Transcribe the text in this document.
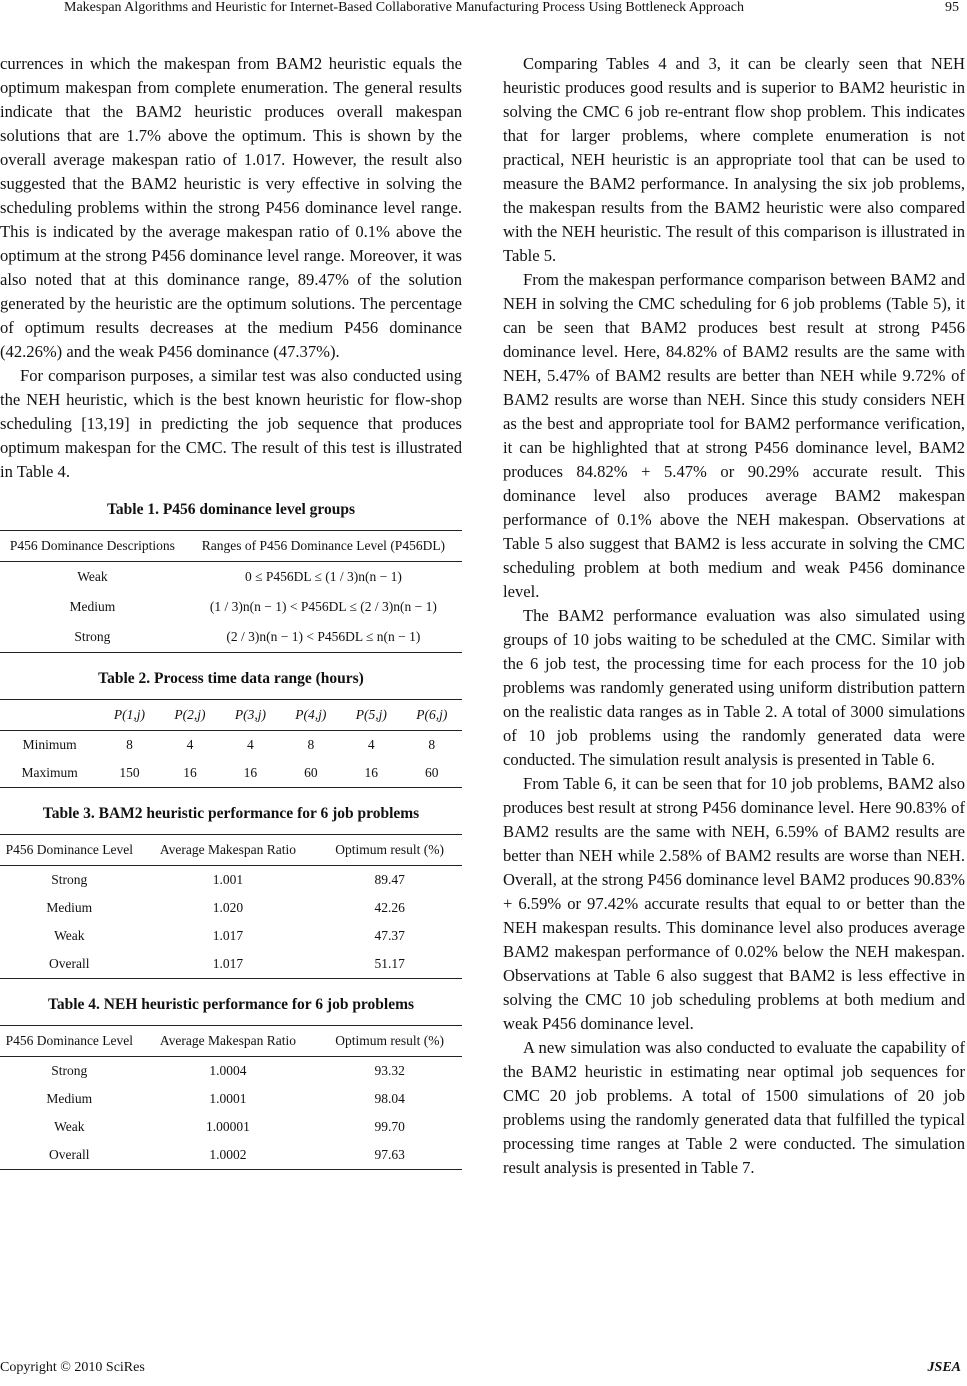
Makespan Algorithms and Heuristic for Internet-Based Collaborative Manufacturing Process Using Bottleneck Approach	95

currences in which the makespan from BAM2 heuristic equals the optimum makespan from complete enumeration. The general results indicate that the BAM2 heuristic produces overall makespan solutions that are 1.7% above the optimum. This is shown by the overall average makespan ratio of 1.017. However, the result also suggested that the BAM2 heuristic is very effective in solving the scheduling problems within the strong P456 dominance level range. This is indicated by the average makespan ratio of 0.1% above the optimum at the strong P456 dominance level range. Moreover, it was also noted that at this dominance range, 89.47% of the solution generated by the heuristic are the optimum solutions. The percentage of optimum results decreases at the medium P456 dominance (42.26%) and the weak P456 dominance (47.37%).

For comparison purposes, a similar test was also conducted using the NEH heuristic, which is the best known heuristic for flow-shop scheduling [13,19] in predicting the job sequence that produces optimum makespan for the CMC. The result of this test is illustrated in Table 4.

Table 1. P456 dominance level groups
P456 Dominance Descriptions	Ranges of P456 Dominance Level (P456DL)
Weak	0 ≤ P456DL ≤ (1 / 3)n(n − 1)
Medium	(1 / 3)n(n − 1) < P456DL ≤ (2 / 3)n(n − 1)
Strong	(2 / 3)n(n − 1) < P456DL ≤ n(n − 1)
Table 2. Process time data range (hours)
	P(1,j)	P(2,j)	P(3,j)	P(4,j)	P(5,j)	P(6,j)
Minimum	8	4	4	8	4	8
Maximum	150	16	16	60	16	60
Table 3. BAM2 heuristic performance for 6 job problems
P456 Dominance Level	Average Makespan Ratio	Optimum result (%)
Strong	1.001	89.47
Medium	1.020	42.26
Weak	1.017	47.37
Overall	1.017	51.17
Table 4. NEH heuristic performance for 6 job problems
P456 Dominance Level	Average Makespan Ratio	Optimum result (%)
Strong	1.0004	93.32
Medium	1.0001	98.04
Weak	1.00001	99.70
Overall	1.0002	97.63

Comparing Tables 4 and 3, it can be clearly seen that NEH heuristic produces good results and is superior to BAM2 heuristic in solving the CMC 6 job re-entrant flow shop problem. This indicates that for larger problems, where complete enumeration is not practical, NEH heuristic is an appropriate tool that can be used to measure the BAM2 performance. In analysing the six job problems, the makespan results from the BAM2 heuristic were also compared with the NEH heuristic. The result of this comparison is illustrated in Table 5.

From the makespan performance comparison between BAM2 and NEH in solving the CMC scheduling for 6 job problems (Table 5), it can be seen that BAM2 produces best result at strong P456 dominance level. Here, 84.82% of BAM2 results are the same with NEH, 5.47% of BAM2 results are better than NEH while 9.72% of BAM2 results are worse than NEH. Since this study considers NEH as the best and appropriate tool for BAM2 performance verification, it can be highlighted that at strong P456 dominance level, BAM2 produces 84.82% + 5.47% or 90.29% accurate result. This dominance level also produces average BAM2 makespan performance of 0.1% above the NEH makespan. Observations at Table 5 also suggest that BAM2 is less accurate in solving the CMC scheduling problem at both medium and weak P456 dominance level.

The BAM2 performance evaluation was also simulated using groups of 10 jobs waiting to be scheduled at the CMC. Similar with the 6 job test, the processing time for each process for the 10 job problems was randomly generated using uniform distribution pattern on the realistic data ranges as in Table 2. A total of 3000 simulations of 10 job problems using the randomly generated data were conducted. The simulation result analysis is presented in Table 6.

From Table 6, it can be seen that for 10 job problems, BAM2 also produces best result at strong P456 dominance level. Here 90.83% of BAM2 results are the same with NEH, 6.59% of BAM2 results are better than NEH while 2.58% of BAM2 results are worse than NEH. Overall, at the strong P456 dominance level BAM2 produces 90.83% + 6.59% or 97.42% accurate results that equal to or better than the NEH makespan results. This dominance level also produces average BAM2 makespan performance of 0.02% below the NEH makespan. Observations at Table 6 also suggest that BAM2 is less effective in solving the CMC 10 job scheduling problems at both medium and weak P456 dominance level.

A new simulation was also conducted to evaluate the capability of the BAM2 heuristic in estimating near optimal job sequences for CMC 20 job problems. A total of 1500 simulations of 20 job problems using the randomly generated data that fulfilled the typical processing time ranges at Table 2 were conducted. The simulation result analysis is presented in Table 7.

Copyright © 2010 SciRes	JSEA
